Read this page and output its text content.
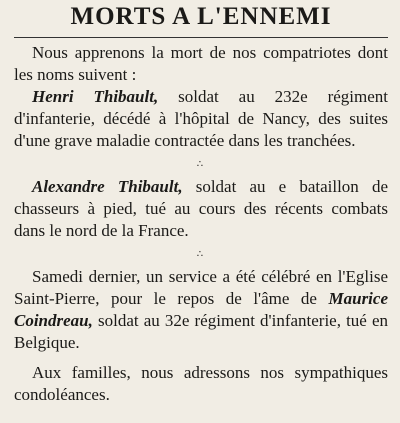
MORTS A L'ENNEMI

Nous apprenons la mort de nos compatriotes dont les noms suivent :

Henri Thibault, soldat au 232e régiment d'infanterie, décédé à l'hôpital de Nancy, des suites d'une grave maladie contractée dans les tranchées.

∴

Alexandre Thibault, soldat au e bataillon de chasseurs à pied, tué au cours des récents combats dans le nord de la France.

∴

Samedi dernier, un service a été célébré en l'Eglise Saint-Pierre, pour le repos de l'âme de Maurice Coindreau, soldat au 32e régiment d'infanterie, tué en Belgique.

Aux familles, nous adressons nos sympathiques condoléances.
